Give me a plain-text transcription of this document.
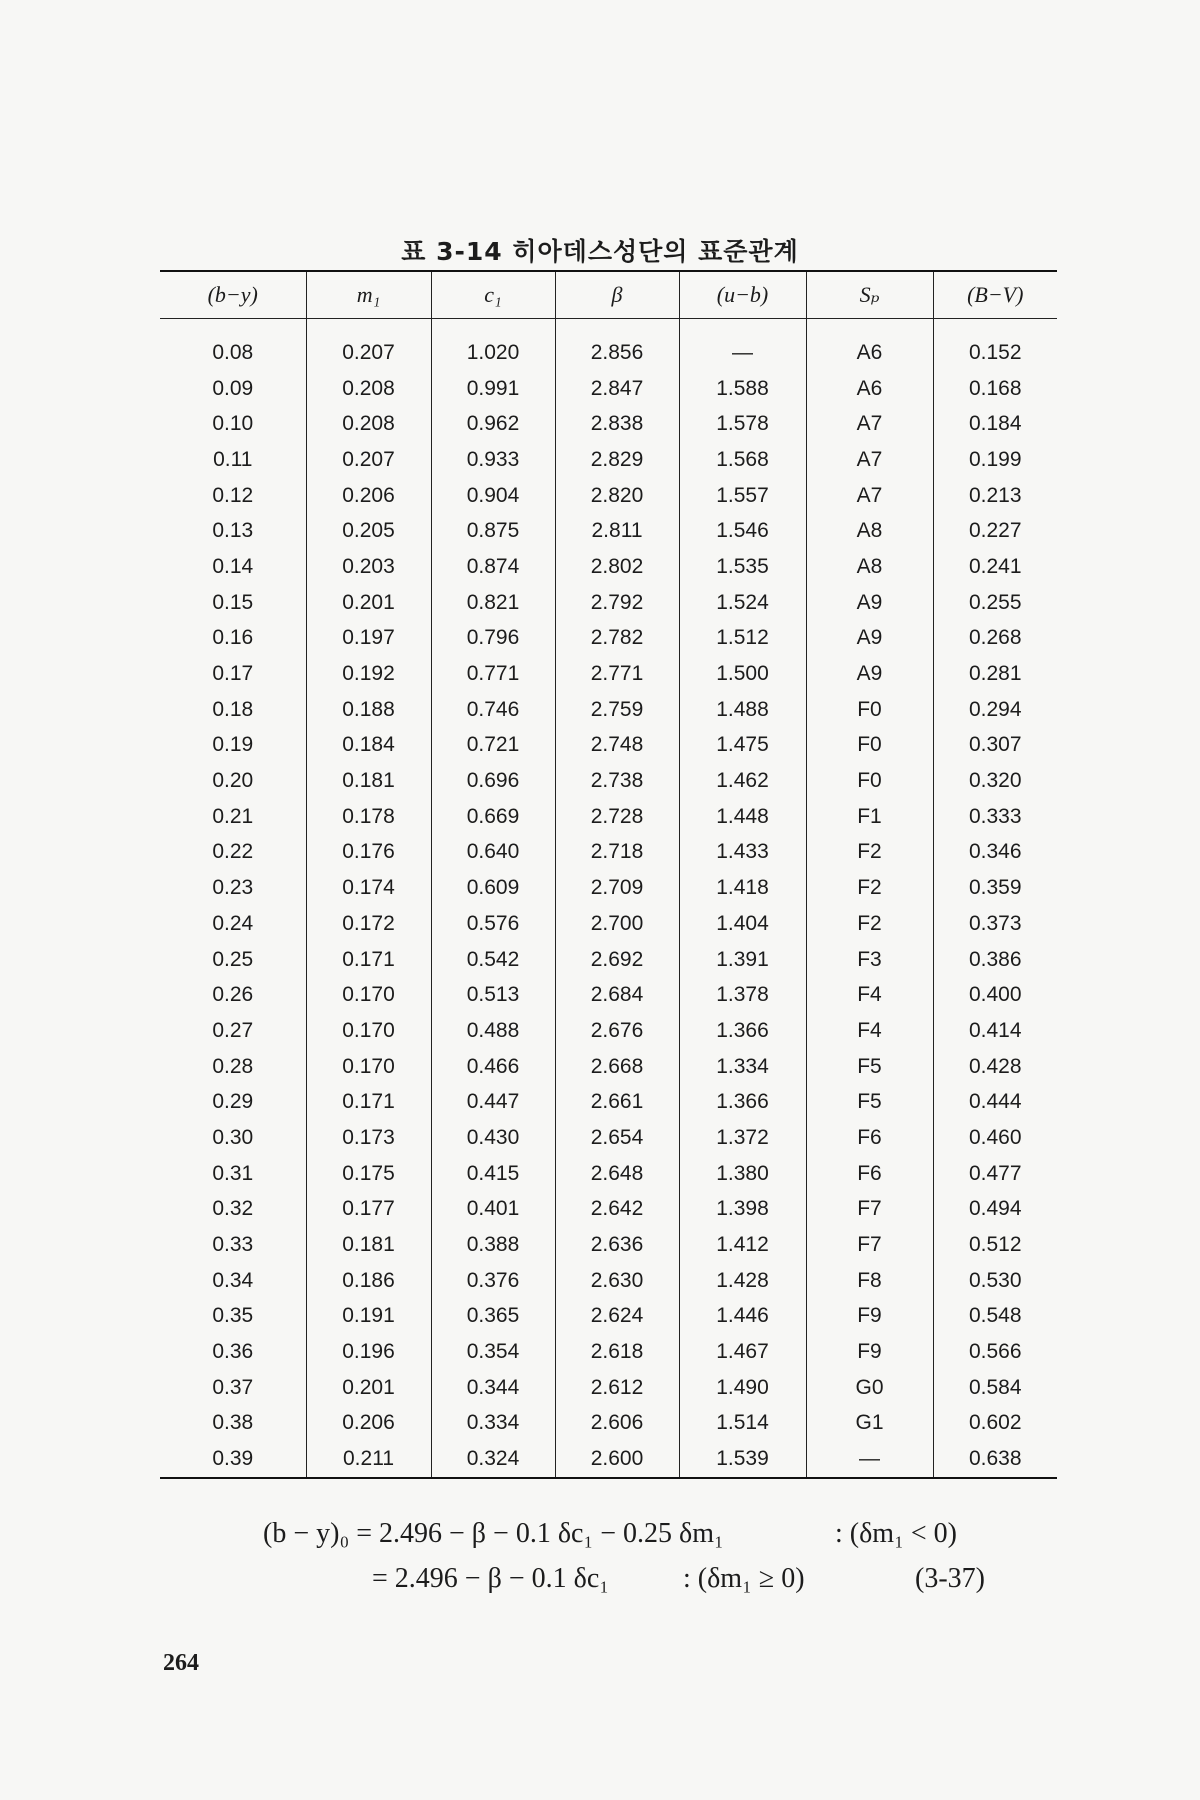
표 3-14 히아데스성단의 표준관계
(b−y)	m₁	c₁	β	(u−b)	Sₚ	(B−V)
0.08	0.207	1.020	2.856	—	A6	0.152
0.09	0.208	0.991	2.847	1.588	A6	0.168
0.10	0.208	0.962	2.838	1.578	A7	0.184
0.11	0.207	0.933	2.829	1.568	A7	0.199
0.12	0.206	0.904	2.820	1.557	A7	0.213
0.13	0.205	0.875	2.811	1.546	A8	0.227
0.14	0.203	0.874	2.802	1.535	A8	0.241
0.15	0.201	0.821	2.792	1.524	A9	0.255
0.16	0.197	0.796	2.782	1.512	A9	0.268
0.17	0.192	0.771	2.771	1.500	A9	0.281
0.18	0.188	0.746	2.759	1.488	F0	0.294
0.19	0.184	0.721	2.748	1.475	F0	0.307
0.20	0.181	0.696	2.738	1.462	F0	0.320
0.21	0.178	0.669	2.728	1.448	F1	0.333
0.22	0.176	0.640	2.718	1.433	F2	0.346
0.23	0.174	0.609	2.709	1.418	F2	0.359
0.24	0.172	0.576	2.700	1.404	F2	0.373
0.25	0.171	0.542	2.692	1.391	F3	0.386
0.26	0.170	0.513	2.684	1.378	F4	0.400
0.27	0.170	0.488	2.676	1.366	F4	0.414
0.28	0.170	0.466	2.668	1.334	F5	0.428
0.29	0.171	0.447	2.661	1.366	F5	0.444
0.30	0.173	0.430	2.654	1.372	F6	0.460
0.31	0.175	0.415	2.648	1.380	F6	0.477
0.32	0.177	0.401	2.642	1.398	F7	0.494
0.33	0.181	0.388	2.636	1.412	F7	0.512
0.34	0.186	0.376	2.630	1.428	F8	0.530
0.35	0.191	0.365	2.624	1.446	F9	0.548
0.36	0.196	0.354	2.618	1.467	F9	0.566
0.37	0.201	0.344	2.612	1.490	G0	0.584
0.38	0.206	0.334	2.606	1.514	G1	0.602
0.39	0.211	0.324	2.600	1.539	—	0.638
(b − y)₀ = 2.496 − β − 0.1 δc₁ − 0.25 δm₁	: (δm₁ < 0)
= 2.496 − β − 0.1 δc₁	: (δm₁ ≥ 0)	(3-37)
264
